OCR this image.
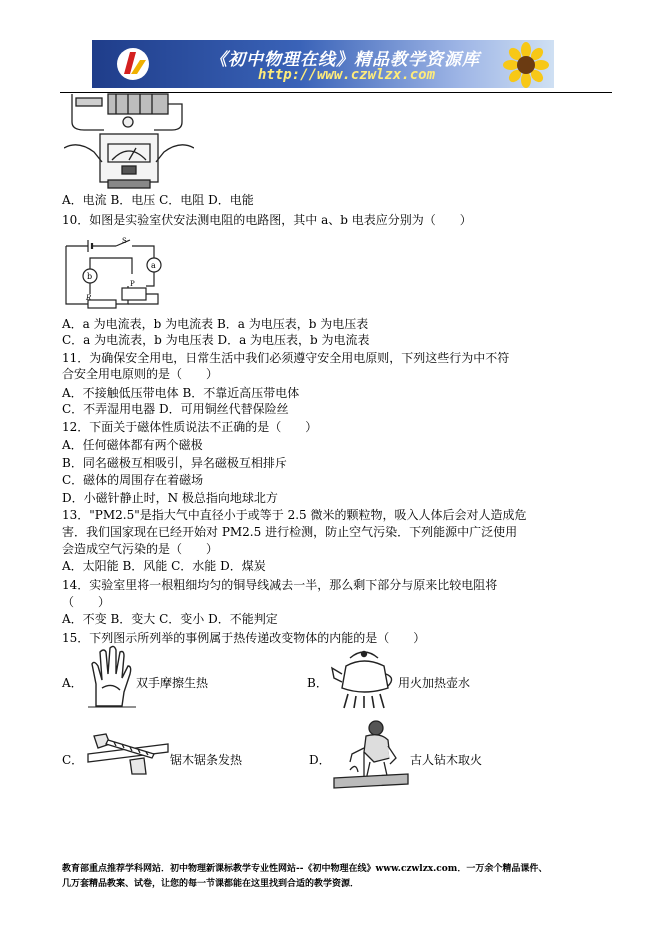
《初中物理在线》精品教学资源库
http://www.czwlzx.com
A．电流 B．电压 C．电阻 D．电能
10．如图是实验室伏安法测电阻的电路图，其中 a、b 电表应分别为（　　）
S
a
b
R
P
A．a 为电流表，b 为电流表 B．a 为电压表，b 为电压表
C．a 为电流表，b 为电压表 D．a 为电压表，b 为电流表
11．为确保安全用电，日常生活中我们必须遵守安全用电原则，下列这些行为中不符
合安全用电原则的是（　　）
A．不接触低压带电体 B．不靠近高压带电体
C．不弄湿用电器 D．可用铜丝代替保险丝
12．下面关于磁体性质说法不正确的是（　　）
A．任何磁体都有两个磁极
B．同名磁极互相吸引，异名磁极互相排斥
C．磁体的周围存在着磁场
D．小磁针静止时，N 极总指向地球北方
13．"PM2.5"是指大气中直径小于或等于 2.5 微米的颗粒物，吸入人体后会对人造成危
害．我们国家现在已经开始对 PM2.5 进行检测，防止空气污染．下列能源中广泛使用
会造成空气污染的是（　　）
A．太阳能 B．风能 C．水能 D．煤炭
14．实验室里将一根粗细均匀的铜导线减去一半，那么剩下部分与原来比较电阻将
（　　）
A．不变 B．变大 C．变小 D．不能判定
15．下列图示所列举的事例属于热传递改变物体的内能的是（　　）
A．	双手摩擦生热	B．	用火加热壶水
C．	锯木锯条发热	D．	古人钻木取火
教育部重点推荐学科网站．初中物理新课标教学专业性网站--《初中物理在线》www.czwlzx.com．一万余个精品课件、
几万套精品教案、试卷，让您的每一节课都能在这里找到合适的教学资源．
